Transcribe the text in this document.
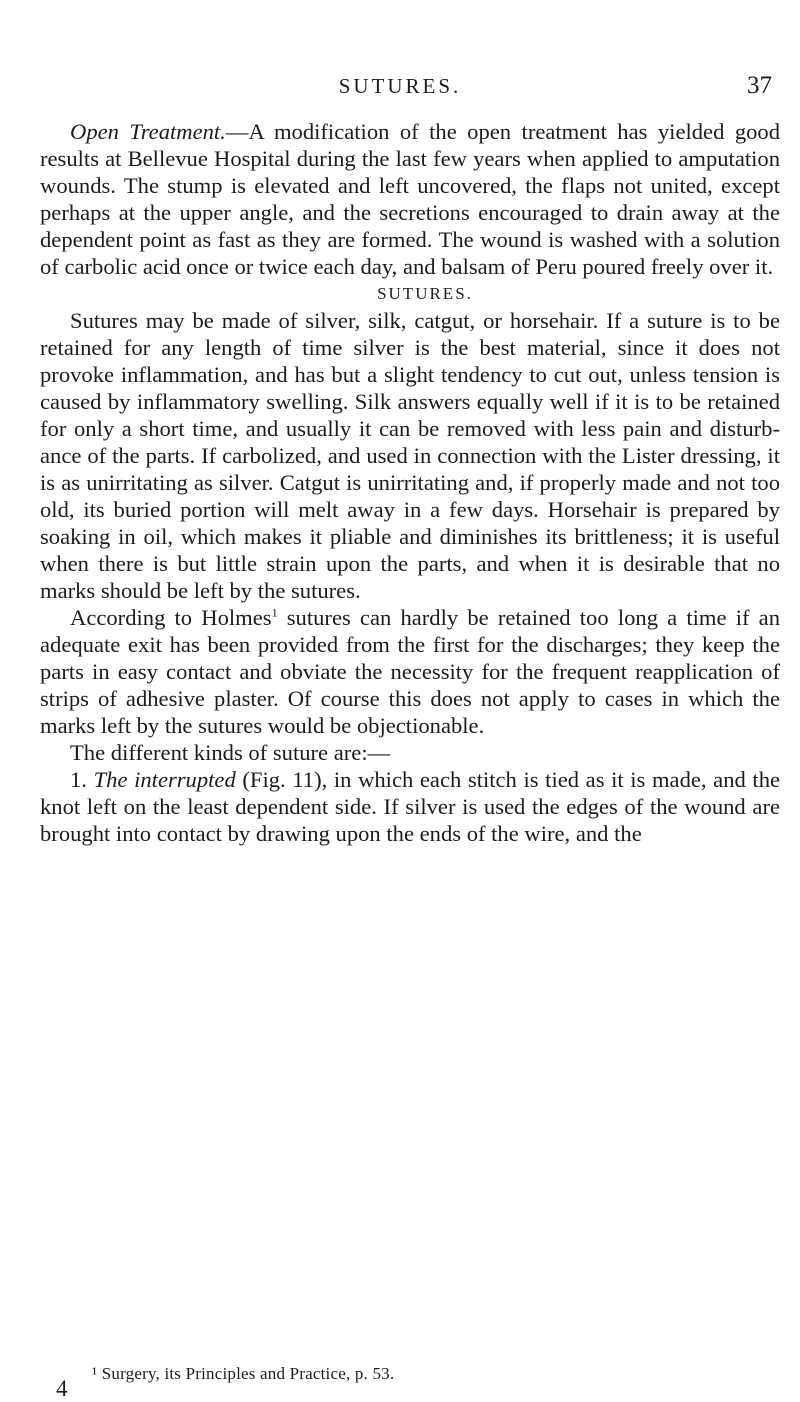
SUTURES.	37

Open Treatment.—A modification of the open treatment has yielded good results at Bellevue Hospital during the last few years when applied to amputation wounds. The stump is elevated and left uncovered, the flaps not united, except perhaps at the upper angle, and the secretions encouraged to drain away at the dependent point as fast as they are formed. The wound is washed with a solution of carbolic acid once or twice each day, and balsam of Peru poured freely over it.

SUTURES.

Sutures may be made of silver, silk, catgut, or horsehair. If a suture is to be retained for any length of time silver is the best material, since it does not provoke inflammation, and has but a slight tendency to cut out, unless tension is caused by inflammatory swelling. Silk answers equally well if it is to be retained for only a short time, and usually it can be removed with less pain and disturbance of the parts. If carbolized, and used in connection with the Lister dressing, it is as unirritating as silver. Catgut is unirritating and, if properly made and not too old, its buried portion will melt away in a few days. Horsehair is prepared by soaking in oil, which makes it pliable and diminishes its brittleness; it is useful when there is but little strain upon the parts, and when it is desirable that no marks should be left by the sutures.

According to Holmes$^1$ sutures can hardly be retained too long a time if an adequate exit has been provided from the first for the discharges; they keep the parts in easy contact and obviate the necessity for the frequent reapplication of strips of adhesive plaster. Of course this does not apply to cases in which the marks left by the sutures would be objectionable.

The different kinds of suture are:—

1. The interrupted (Fig. 11), in which each stitch is tied as it is made, and the knot left on the least dependent side. If silver is used the edges of the wound are brought into contact by drawing upon the ends of the wire, and the

4
¹ Surgery, its Principles and Practice, p. 53.
